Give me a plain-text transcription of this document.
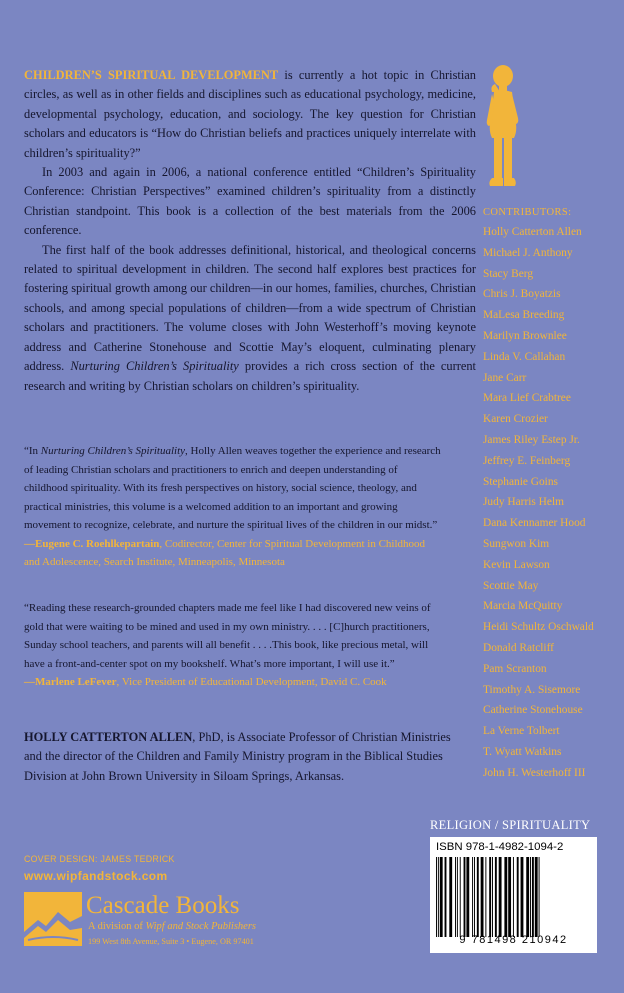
CHILDREN’S SPIRITUAL DEVELOPMENT is currently a hot topic in Christian circles, as well as in other fields and disciplines such as educational psychology, medicine, developmental psychology, education, and sociology. The key question for Christian scholars and educators is “How do Christian beliefs and practices uniquely interrelate with children’s spirituality?”

In 2003 and again in 2006, a national conference entitled “Children’s Spirituality Conference: Christian Perspectives” examined children’s spirituality from a distinctly Christian standpoint. This book is a collection of the best materials from the 2006 conference.

The first half of the book addresses definitional, historical, and theological concerns related to spiritual development in children. The second half explores best practices for fostering spiritual growth among our children—in our homes, families, churches, Christian schools, and among special populations of children—from a wide spectrum of Christian scholars and practitioners. The volume closes with John Westerhoff’s moving keynote address and Catherine Stonehouse and Scottie May’s eloquent, culminating plenary address. Nurturing Children’s Spirituality provides a rich cross section of the current research and writing by Christian scholars on children’s spirituality.

“In Nurturing Children’s Spirituality, Holly Allen weaves together the experience and research of leading Christian scholars and practitioners to enrich and deepen understanding of childhood spirituality. With its fresh perspectives on history, social science, theology, and practical ministries, this volume is a welcomed addition to an important and growing movement to recognize, celebrate, and nurture the spiritual lives of the children in our midst.”

—Eugene C. Roehlkepartain, Codirector, Center for Spiritual Development in Childhood and Adolescence, Search Institute, Minneapolis, Minnesota

“Reading these research-grounded chapters made me feel like I had discovered new veins of gold that were waiting to be mined and used in my own ministry. . . . [C]hurch practitioners, Sunday school teachers, and parents will all benefit . . . .This book, like precious metal, will have a front-and-center spot on my bookshelf. What’s more important, I will use it.”

—Marlene LeFever, Vice President of Educational Development, David C. Cook

HOLLY CATTERTON ALLEN, PhD, is Associate Professor of Christian Ministries and the director of the Children and Family Ministry program in the Biblical Studies Division at John Brown University in Siloam Springs, Arkansas.
CONTRIBUTORS:
Holly Catterton Allen
Michael J. Anthony
Stacy Berg
Chris J. Boyatzis
MaLesa Breeding
Marilyn Brownlee
Linda V. Callahan
Jane Carr
Mara Lief Crabtree
Karen Crozier
James Riley Estep Jr.
Jeffrey E. Feinberg
Stephanie Goins
Judy Harris Helm
Dana Kennamer Hood
Sungwon Kim
Kevin Lawson
Scottie May
Marcia McQuitty
Heidi Schultz Oschwald
Donald Ratcliff
Pam Scranton
Timothy A. Sisemore
Catherine Stonehouse
La Verne Tolbert
T. Wyatt Watkins
John H. Westerhoff III
RELIGION / SPIRITUALITY
ISBN 978-1-4982-1094-2
9 781498 210942
COVER DESIGN: JAMES TEDRICK
www.wipfandstock.com
Cascade Books
A division of Wipf and Stock Publishers
199 West 8th Avenue, Suite 3 • Eugene, OR 97401
